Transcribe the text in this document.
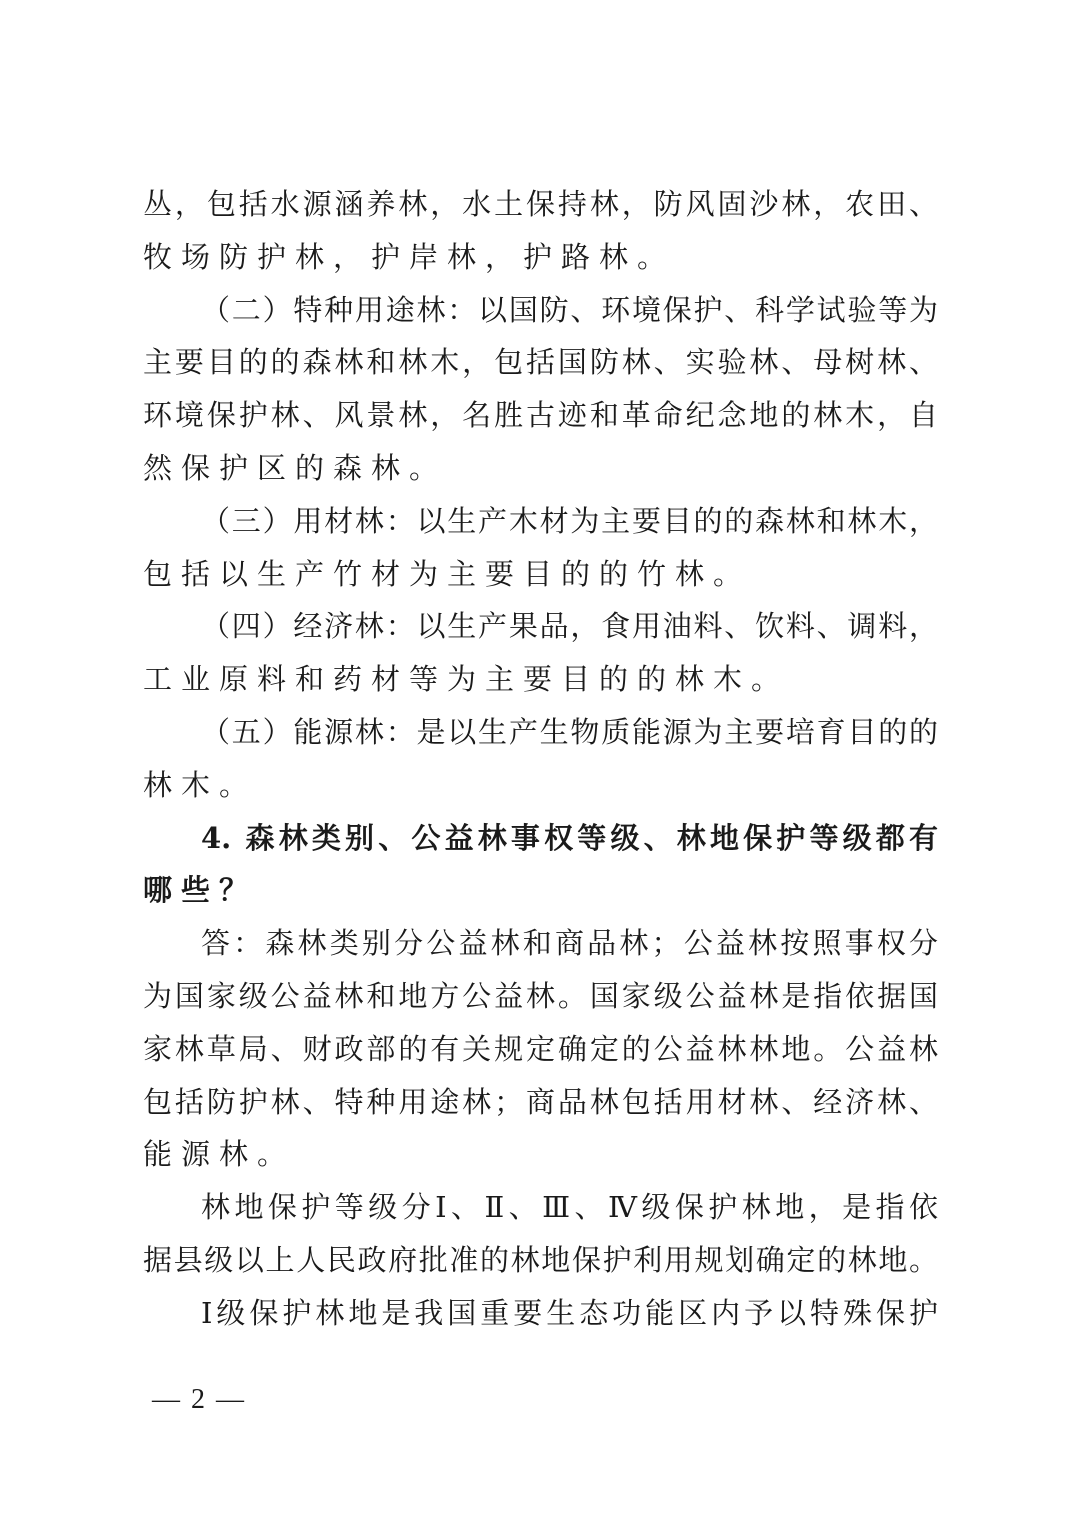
丛，包括水源涵养林，水土保持林，防风固沙林，农田、
牧场防护林，护岸林，护路林。
（二）特种用途林：以国防、环境保护、科学试验等为
主要目的的森林和林木，包括国防林、实验林、母树林、
环境保护林、风景林，名胜古迹和革命纪念地的林木，自
然保护区的森林。
（三）用材林：以生产木材为主要目的的森林和林木，
包括以生产竹材为主要目的的竹林。
（四）经济林：以生产果品，食用油料、饮料、调料，
工业原料和药材等为主要目的的林木。
（五）能源林：是以生产生物质能源为主要培育目的的
林木。
4. 森林类别、公益林事权等级、林地保护等级都有
哪些？
答：森林类别分公益林和商品林；公益林按照事权分
为国家级公益林和地方公益林。国家级公益林是指依据国
家林草局、财政部的有关规定确定的公益林林地。公益林
包括防护林、特种用途林；商品林包括用材林、经济林、
能源林。
林地保护等级分Ⅰ、Ⅱ、Ⅲ、Ⅳ级保护林地，是指依
据县级以上人民政府批准的林地保护利用规划确定的林地。
Ⅰ级保护林地是我国重要生态功能区内予以特殊保护
— 2 —
